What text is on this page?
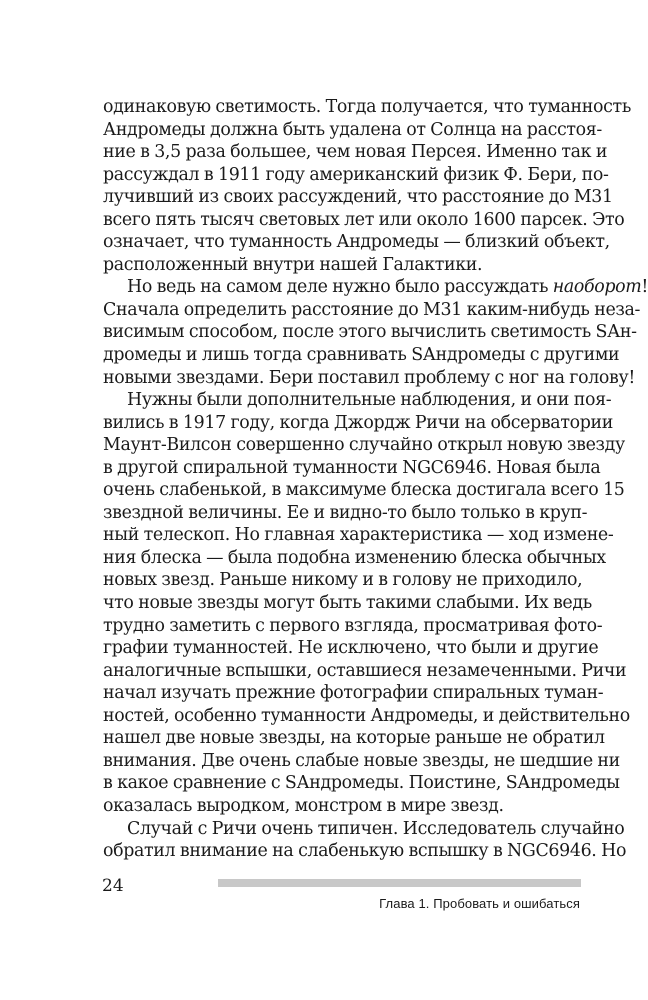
одинаковую светимость. Тогда получается, что туманность
Андромеды должна быть удалена от Солнца на расстоя-
ние в 3,5 раза большее, чем новая Персея. Именно так и
рассуждал в 1911 году американский физик Ф. Бери, по-
лучивший из своих рассуждений, что расстояние до М31
всего пять тысяч световых лет или около 1600 парсек. Это
означает, что туманность Андромеды — близкий объект,
расположенный внутри нашей Галактики.

Но ведь на самом деле нужно было рассуждать наоборот!
Сначала определить расстояние до М31 каким-нибудь неза-
висимым способом, после этого вычислить светимость SАн-
дромеды и лишь тогда сравнивать SАндромеды с другими
новыми звездами. Бери поставил проблему с ног на голову!

Нужны были дополнительные наблюдения, и они поя-
вились в 1917 году, когда Джордж Ричи на обсерватории
Маунт-Вилсон совершенно случайно открыл новую звезду
в другой спиральной туманности NGC6946. Новая была
очень слабенькой, в максимуме блеска достигала всего 15
звездной величины. Ее и видно-то было только в круп-
ный телескоп. Но главная характеристика — ход измене-
ния блеска — была подобна изменению блеска обычных
новых звезд. Раньше никому и в голову не приходило,
что новые звезды могут быть такими слабыми. Их ведь
трудно заметить с первого взгляда, просматривая фото-
графии туманностей. Не исключено, что были и другие
аналогичные вспышки, оставшиеся незамеченными. Ричи
начал изучать прежние фотографии спиральных туман-
ностей, особенно туманности Андромеды, и действительно
нашел две новые звезды, на которые раньше не обратил
внимания. Две очень слабые новые звезды, не шедшие ни
в какое сравнение с SАндромеды. Поистине, SАндромеды
оказалась выродком, монстром в мире звезд.

Случай с Ричи очень типичен. Исследователь случайно
обратил внимание на слабенькую вспышку в NGC6946. Но

24
Глава 1. Пробовать и ошибаться
